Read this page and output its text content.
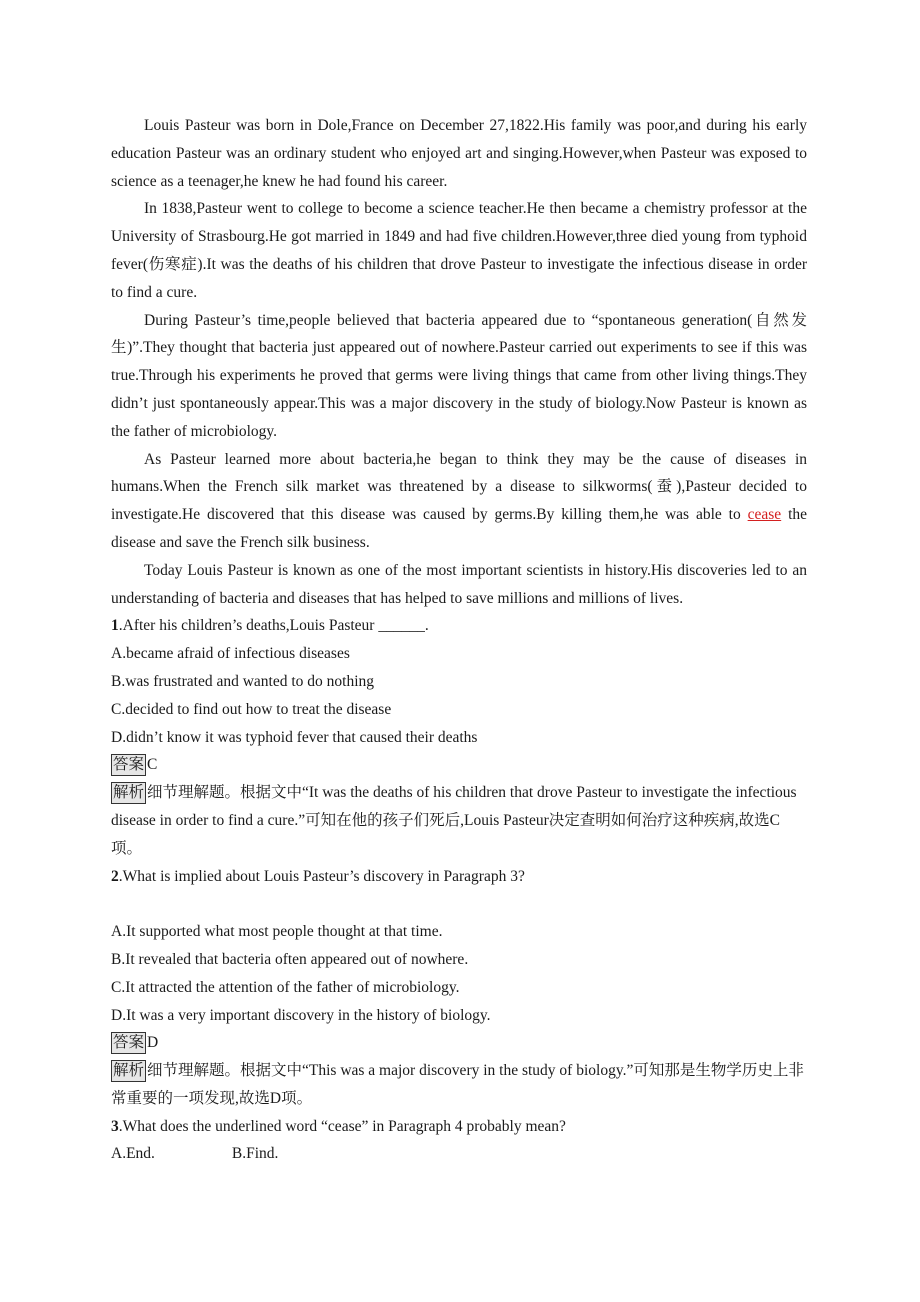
Louis Pasteur was born in Dole,France on December 27,1822.His family was poor,and during his early education Pasteur was an ordinary student who enjoyed art and singing.However,when Pasteur was exposed to science as a teenager,he knew he had found his career.

In 1838,Pasteur went to college to become a science teacher.He then became a chemistry professor at the University of Strasbourg.He got married in 1849 and had five children.However,three died young from typhoid fever(伤寒症).It was the deaths of his children that drove Pasteur to investigate the infectious disease in order to find a cure.

During Pasteur’s time,people believed that bacteria appeared due to “spontaneous generation(自然发生)”.They thought that bacteria just appeared out of nowhere.Pasteur carried out experiments to see if this was true.Through his experiments he proved that germs were living things that came from other living things.They didn’t just spontaneously appear.This was a major discovery in the study of biology.Now Pasteur is known as the father of microbiology.

As Pasteur learned more about bacteria,he began to think they may be the cause of diseases in humans.When the French silk market was threatened by a disease to silkworms(蚕),Pasteur decided to investigate.He discovered that this disease was caused by germs.By killing them,he was able to cease the disease and save the French silk business.

Today Louis Pasteur is known as one of the most important scientists in history.His discoveries led to an understanding of bacteria and diseases that has helped to save millions and millions of lives.

1.After his children’s deaths,Louis Pasteur ______.

A.became afraid of infectious diseases

B.was frustrated and wanted to do nothing

C.decided to find out how to treat the disease

D.didn’t know it was typhoid fever that caused their deaths

答案 C

解析 细节理解题。根据文中“It was the deaths of his children that drove Pasteur to investigate the infectious disease in order to find a cure.”可知在他的孩子们死后,Louis Pasteur决定查明如何治疗这种疾病,故选C项。

2.What is implied about Louis Pasteur’s discovery in Paragraph 3?

A.It supported what most people thought at that time.

B.It revealed that bacteria often appeared out of nowhere.

C.It attracted the attention of the father of microbiology.

D.It was a very important discovery in the history of biology.

答案 D

解析 细节理解题。根据文中“This was a major discovery in the study of biology.”可知那是生物学历史上非常重要的一项发现,故选D项。

3.What does the underlined word “cease” in Paragraph 4 probably mean?

A.End.	B.Find.
